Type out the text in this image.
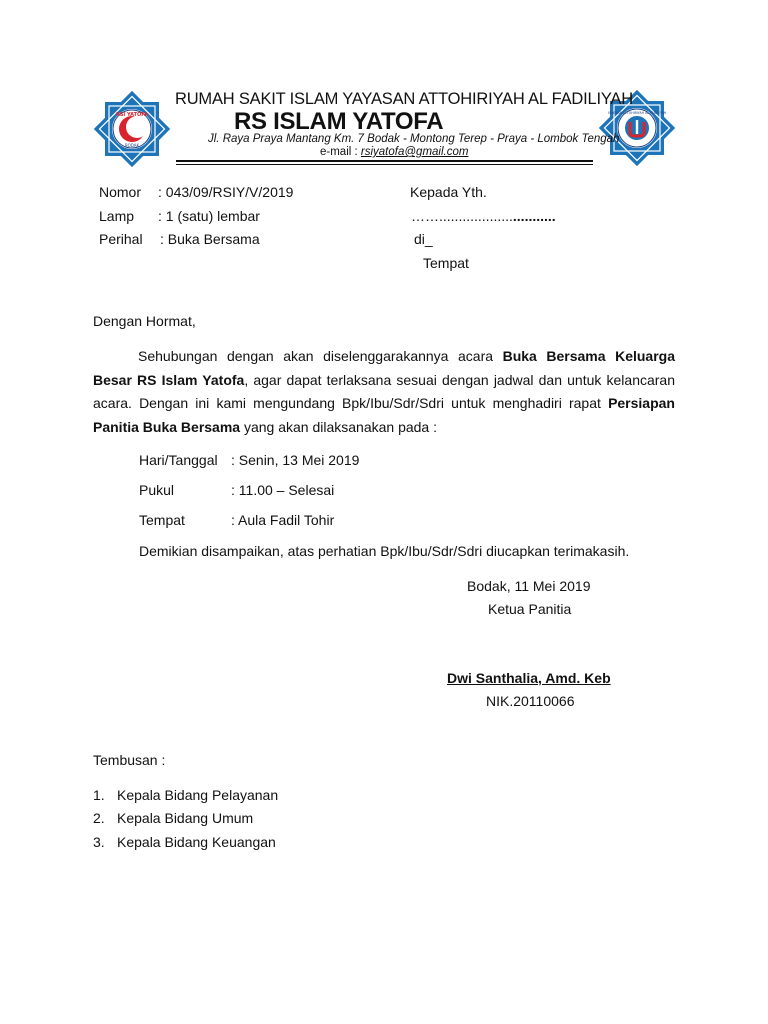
RSI YATOFA
BODAK
YAYASAN ATTOHIRIYAH AL FADILIYAH
RUMAH SAKIT ISLAM YAYASAN ATTOHIRIYAH AL FADILIYAH
RS ISLAM YATOFA
Jl. Raya Praya Mantang Km. 7 Bodak - Montong Terep - Praya - Lombok Tengah
e-mail : rsiyatofa@gmail.com
Nomor : 043/09/RSIY/V/2019
Lamp : 1 (satu) lembar
Perihal : Buka Bersama
Kepada Yth.
……..............................
di_
Tempat
Dengan Hormat,
Sehubungan dengan akan diselenggarakannya acara Buka Bersama Keluarga Besar RS Islam Yatofa, agar dapat terlaksana sesuai dengan jadwal dan untuk kelancaran acara. Dengan ini kami mengundang Bpk/Ibu/Sdr/Sdri untuk menghadiri rapat Persiapan Panitia Buka Bersama yang akan dilaksanakan pada :
Hari/Tanggal : Senin, 13 Mei 2019
Pukul	: 11.00 – Selesai
Tempat	: Aula Fadil Tohir
Demikian disampaikan, atas perhatian Bpk/Ibu/Sdr/Sdri diucapkan terimakasih.
Bodak, 11 Mei 2019
Ketua Panitia
Dwi Santhalia, Amd. Keb
NIK.20110066
Tembusan :
1. Kepala Bidang Pelayanan
2. Kepala Bidang Umum
3. Kepala Bidang Keuangan
